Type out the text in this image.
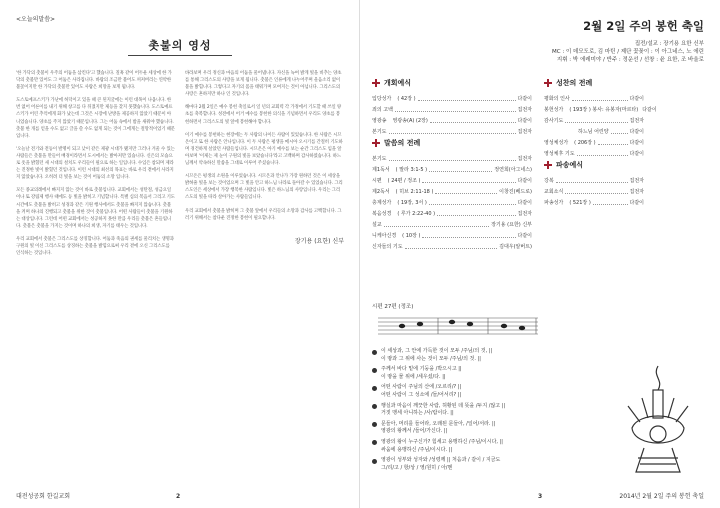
<오늘의말씀>
촛불의 영성

'한 가닥의 촛불이 우주의 어둠을 삼킨다'고 했습니다. 칠흑 같이 어두운 세상에 한 가닥의 촛불만 있어도 그 어둠은 사라집니다. 바람의 조금만 불어도 꺼져버리는 연약한 불꽃이지만 한 가닥의 촛불만 있어도 사람은 희망을 보게 됩니다.

도스토예프스키가 가난에 허덕이고 있을 때 큰 된지굴에는 이런 대목이 나옵니다. 한 번 없어 어른이를 내기 위해 창고를 다 뒤졌지만 제등을 찾지 못했습니다. 도스토예프스키가 어린 추억에게 화가 났는데 그것은 시장에 난방을 제공하지 않았기 때문이 아니었습니다. 양초를 주지 않았기 때문입니다. 그는 어둠 속에서 밤을 새워야 했습니다. 촛불 한 개를 얻을 수도 없고 글을 쓸 수도 없게 되는 것이 그에게는 절망적이었기 때문입니다.

'오늘날 전기와 전등이 발명이 되고 낮이 같은 제광 시대가 됐지만 그러나 겨울 수 있는 사람들은 촛불을 만들어 배경이라면서 도시에서는 밝아져만 있습니다. 신은의 모습으로 옷을 밝혔던 새 시대의 설치도 우리들이 필요로 하는 일입니다. 수입은 참되며 제라는 진정한 빛이 밝혔던 것입니다. 이런 시대의 최선의 목표는 바로 우리 곁에서 사라지지 않았습니다. 오히려 더 빛을 보는 것이 어둠의 소망 입니다.

모든 종교의례에서 빠지지 않는 것이 바로 촛불입니다. 교회에서는 성탄절, 성금요일이나 또 강림제 행사 때에도 등 빛을 밝히고 기념합니다. 특별 심의 복음서 그리고 기도 시간에도 촛불을 밝히고 성경과 같은 기원 행사에서도 촛불을 빠지지 않습니다. 촛불을 켜며 하나의 진행되고 촛불을 위한 것이 촛불입니다. 어떤 사람들이 촛불을 기원하는 대상입니다. 그런데 어떤 교회에서는 성공하지 못한 만큼 우리들 촛불은 흔들립니다. 촛불은 촛불을 가지는 것이며 하나의 희생, 자기를 태우는 것입니다.

우리 교회에서 촛불은 그리스도를 상징합니다. 어둠과 죽음의 권세를 물리치는 생명과 구원의 빛 이신 그리스도를 상징하는 촛불을 밝힘으로써 우리 곁에 오신 그리스도를 인식하는 것입니다.

바라보며 우리 정신과 마음의 어둠을 물어냅니다. 자신을 녹여 밝게 빛을 비추는 양초를 통해 그리스도의 사랑을 보게 됩니다. 촛불은 인류에게 나누어주며 울음소리 없이 불을 밝힙니다. 그렇다고 자기의 몸을 태워가며 모여지는 것이 아닙니다. 그리스도의 사랑은 흔하지만 하나 인 것입니다.

해마다 2월 2일은 예수 봉헌 축일로서 일 년의 교회력 각 가정에서 기도할 때 쓰일 양초를 축복합니다. 성전에서 어거 예수를 봉헌한 의식을 기념하면서 우리도 양초를 봉헌하면서 그리스도의 빛 앞에 봉헌해야 합니다.

이기 예수를 봉헌하는 현장에는 두 사람의 나이든 사람이 있었습니다. 한 사람은 시므온이고 또 한 사람은 안나입니다. 이 두 사람은 평생을 메시아 오시기를 간절히 기도하며 경건하게 살았던 사람들입니다. 시므온은 아기 예수를 보는 순간 그리스도 임을 알아보며 '이제는 제 눈이 구원의 빛을 보았습니다'라고 고백하며 감사하였습니다. 하느님께서 약속하신 말씀을 그대로 이루어 주셨습니다.

시므온은 평생의 소원을 이루었습니다. 시므온과 안나가 가장 원하던 것은 이 세상을 밝혀줄 빛을 보는 것이었으며 그 빛을 안고 하느님 나라로 돌아갈 수 있었습니다. 그리스도인은 세상에서 가장 행복한 사람입니다. 빛은 하느님의 사랑입니다. 우리는 그리스도의 빛을 따라 살아가는 사람들입니다.

우리 교회에서 촛불을 밝히며 그 촛불 앞에서 우리들의 소망과 감사를 고백합니다. 그러기 위해서는 참다운 진정한 봉헌이 필요합니다.

장기용 (요한) 신부
대전성공회 한길교회	2
2월 2일 주의 봉헌 축일
집전/설교 : 장기용 요한 신부
MC : 이 데모도로, 김 마틴 / 제단 꽃꽂이 : 이 아그네스, 노 에린
지휘 : 박 에레미야 / 반주 : 정운선 / 선창 : 윤 요한, 조 바울로
개회예식
입당성가 ( 42장 )	다같이
죄의 고백	집전자
영광송 영광송(A) (2장)	다같이
본기도	집전자
말씀의 전례
본기도	집전자
제1독서 ( 말라 3:1-5 )	정연희(아그네스)
시편 ( 24편 / 정조 )	다같이
제2독서 ( 히브 2:11-18 )	이창진(베드로)
층계성가 ( 19장, 3서 )	다같이
복음성경 ( 루가 2:22-40 )	집전자
설교	장기용 (요한) 신부
니케아신경 ( 10장 )	다같이
신자들의 기도	김대우(알버트)
성찬의 전례
평화의 인사	다같이
봉헌성가 ( 193장 ) 봉사: 유봉자(마르타) 다같이
감사기도	집전자
하느님 어린양	다같이
영성체성가 ( 206장 )	다같이
영성체후 기도	다같이
파송예식
강복	집전자
교회소식	집전자
파송성가 ( 521장 )	다같이
3	2014년 2월 2일 주의 봉헌 축일
시편 27편 (정조)
이 세상과, 그 안에 가득한 것이 모두 /주님/의 것, ||
이 땅과 그 위에 사는 것이 모두 /주님/의 것. ||
주께서 바다 밑에 기둥을 /박으시고 ||
이 땅을 물 위에 /세우셨/다. ||
어떤 사람이 주님의 산에 /오르리/? ||
어떤 사람이 그 성소에 /들/어서리? ||
행실과 마음이 깨끗한 사람, 허황된 데 뜻을 /두지 /않고 ||
거짓 맹세 아니하는 /사/람이다. ||
문들아, 머리를 들어라, 오래된 문들아, /일어/서라. ||
영광의 왕께서 /들어/가신다. ||
영광의 왕이 누구신가? 힘세고 용맹하신 /주님/이시다, ||
싸움에 용맹하신 /주님/이시다. ||
영광이 성부와 성자와 /성령께 || 처음과 / 같이 / 지금도
그/리/고 / 항/상 / 영/원히 / 아/멘
